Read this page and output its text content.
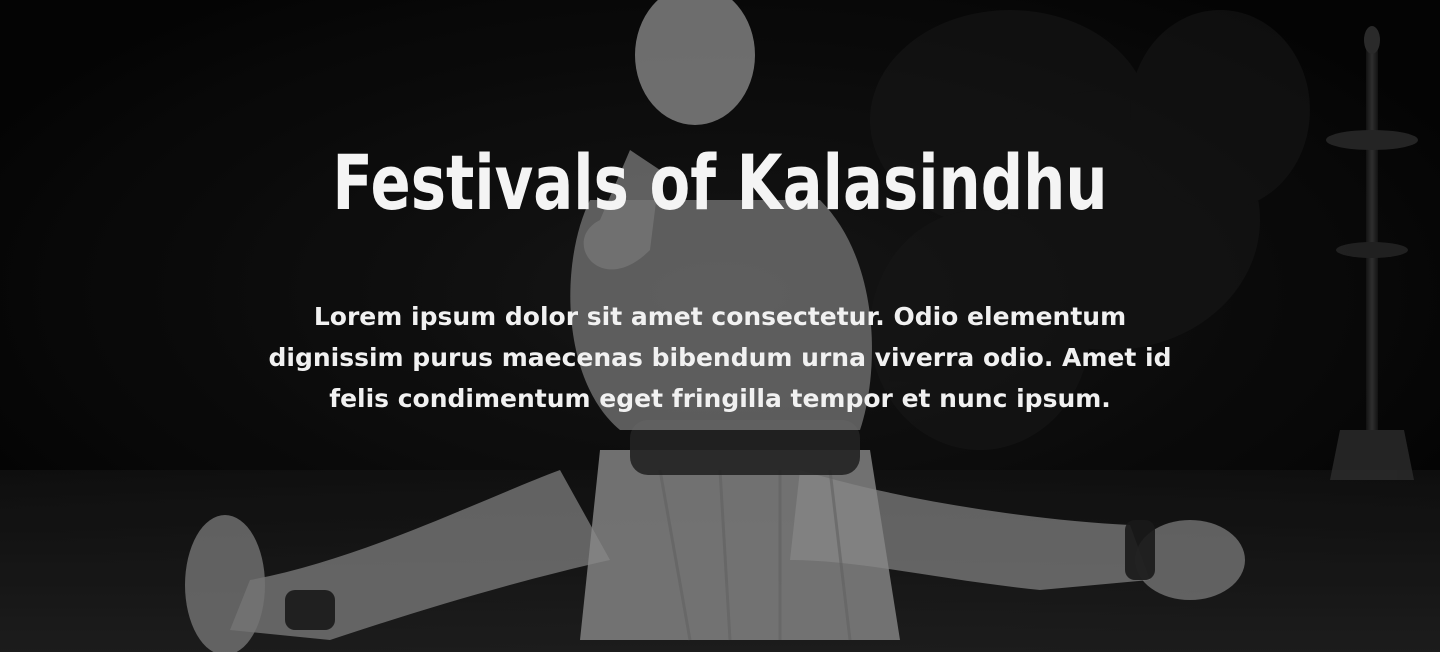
Festivals of Kalasindhu

Lorem ipsum dolor sit amet consectetur. Odio elementum dignissim purus maecenas bibendum urna viverra odio. Amet id felis condimentum eget fringilla tempor et nunc ipsum.
